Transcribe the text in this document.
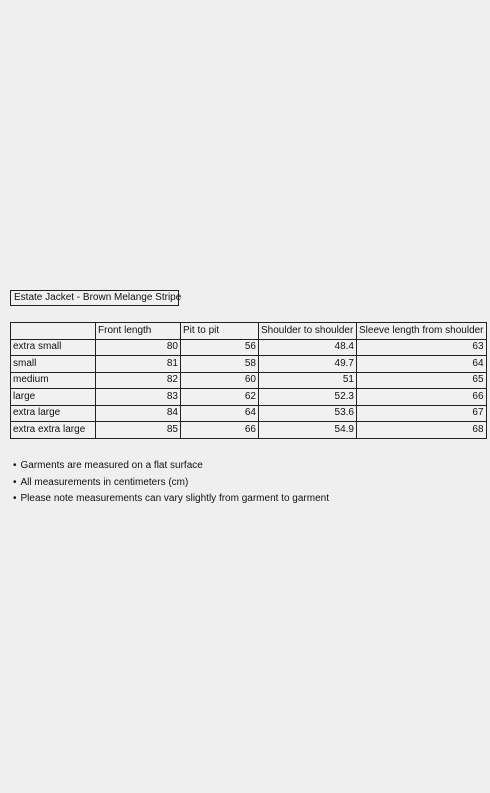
Estate Jacket - Brown Melange Stripe
	Front length	Pit to pit	Shoulder to shoulder	Sleeve length from shoulder
extra small	80	56	48.4	63
small	81	58	49.7	64
medium	82	60	51	65
large	83	62	52.3	66
extra large	84	64	53.6	67
extra extra large	85	66	54.9	68
• Garments are measured on a flat surface
• All measurements in centimeters (cm)
• Please note measurements can vary slightly from garment to garment
